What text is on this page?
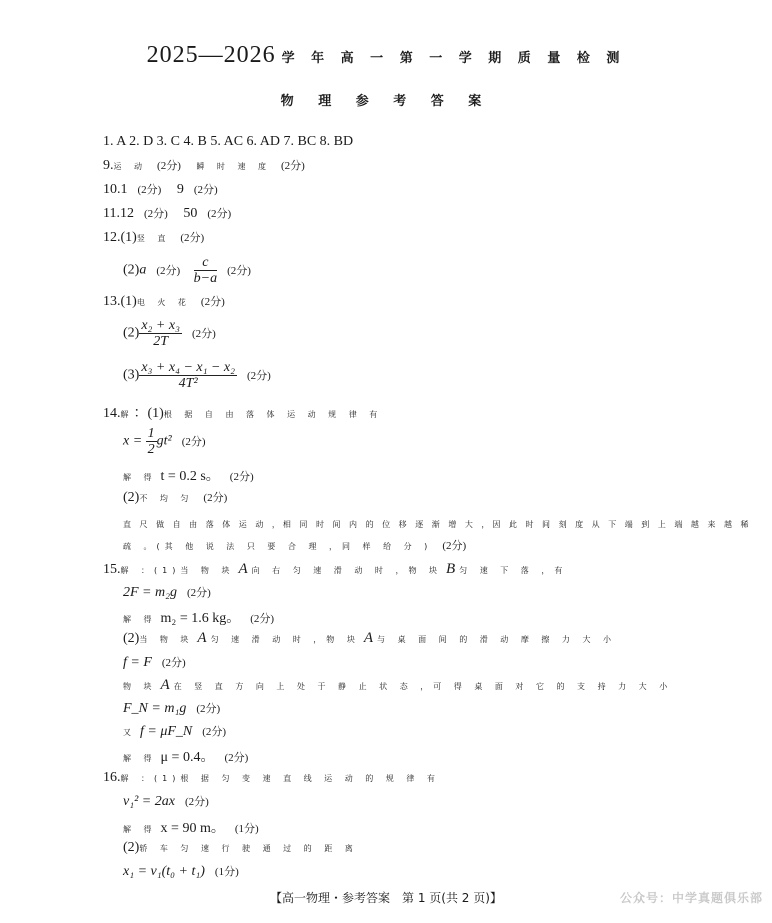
2025—2026 学 年 高 一 第 一 学 期 质 量 检 测
物 理 参 考 答 案
1. A 2. D 3. C 4. B 5. AC 6. AD 7. BC 8. BD
9.运 动 (2分) 瞬 时 速 度 (2分)
10.1 (2分) 9 (2分)
11.12 (2分) 50 (2分)
12.(1)竖 直 (2分)
(2)a (2分) $\frac{c}{b-a} (2$分)
13.(1)电 火 花 (2分)
$(2) \frac{\text{x₂ + x₃}}{2T} (2$分)
$(3) \frac{\text{x₃ + x₄ − x₁ − x₂}}{\text{4T²}} (2$分)
14.解：(1)根 据 自 由 落 体 运 动 规 律 有
$x = \frac{1}{2} gt^2$ (2分)
解 得 t = 0.2 s。 (2分)
(2)不 均 匀 (2分)
直 尺 做 自 由 落 体 运 动 ，相 同 时 间 内 的 位 移 逐 渐 增 大 ，因 此 时 间 刻 度 从 下 端 到 上 端 越 来 越 稀
疏 。(其 他 说 法 只 要 合 理 ，同 样 给 分 ) (2分)
15.解 ：(1)当 物 块 A 向 右 匀 速 滑 动 时 ，物 块 B 匀 速 下 落 ，有
2F = m₂g (2分)
解 得 m₂ = 1.6 kg。 (2分)
(2)当 物 块 A 匀 速 滑 动 时 ，物 块 A 与 桌 面 间 的 滑 动 摩 擦 力 大 小
f = F (2分)
物 块 A 在 竖 直 方 向 上 处 于 静 止 状 态 ，可 得 桌 面 对 它 的 支 持 力 大 小
F_N = m₁g (2分)
又 f = μF_N (2分)
解 得 μ = 0.4。 (2分)
16.解 ：(1)根 据 匀 变 速 直 线 运 动 的 规 律 有
v₁² = 2ax (2分)
解 得 x = 90 m。 (1分)
(2)轿 车 匀 速 行 驶 通 过 的 距 离
x₁ = v₁(t₀ + t₁) (1分)
【高一物理・参考答案　第 1 页(共 2 页)】	公众号：中学真题俱乐部
